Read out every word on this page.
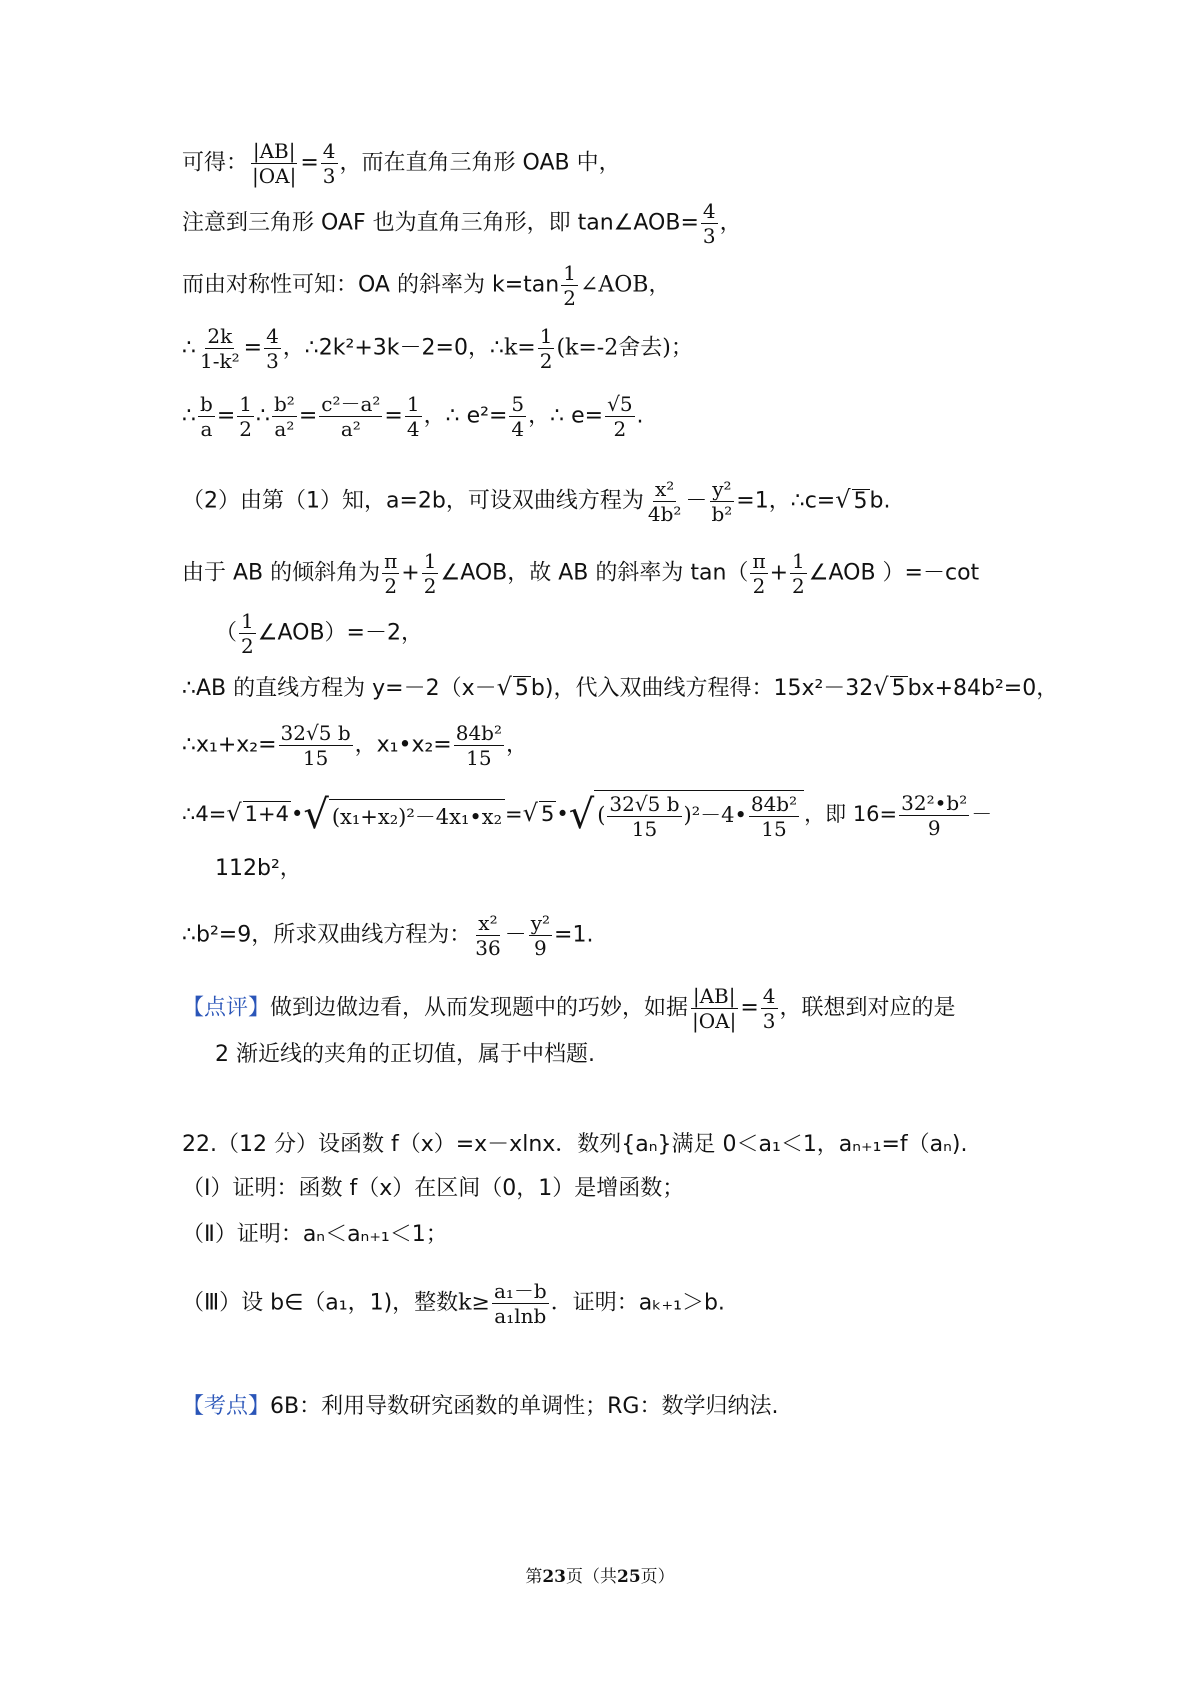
可得： $\frac{|AB|}{|OA|} = \frac{4}{3}$ ，而在直角三角形 OAB 中，
注意到三角形 OAF 也为直角三角形，即 tan∠AOB= $\frac{4}{3}$ ，
而由对称性可知：OA 的斜率为 $k=\tan \frac{1}{2}$ ∠AOB，
∴ $\frac{2k}{\text{1-k²}} = \frac{4}{3}$ ，∴2k²+3k－2=0，∴k= $\frac{1}{2} (k=-2$舍去)；
∴ $\frac{b}{a} = \frac{1}{2}$ ∴ $\frac{\text{b²}}{\text{a²}} = \frac{\text{c²－a²}}{\text{a²}} = \frac{1}{4}$ ，∴ $e^2= \frac{5}{4}$ ，∴ $e= \frac{√5}{2}$ .
（2）由第（1）知，a=2b，可设双曲线方程为 $\frac{\text{x²}}{\text{4b²}} - \frac{\text{y²}}{\text{b²}} =1$，∴c=√ 5b.
由于 AB 的倾斜角为 $\frac{\pi}{2} + \frac{1}{2}$ ∠AOB，故 AB 的斜率为 $\tan( \frac{\pi}{2} + \frac{1}{2}$ ∠AOB ）=－cot
（ $\frac{1}{2}$ ∠AOB）=－2，
∴AB 的直线方程为 y=－2（x－√ 5b)，代入双曲线方程得：15x²－32√ 5bx+84b²=0，
∴x₁+x₂= $\frac{32√5 b}{15}$ ，x₁•x₂= $\frac{\text{84b²}}{15}$ ，
∴4=√ 1+4•√ (x₁+x₂)²－4x₁•x₂ =√ 5•√ ( $\frac{32√5 b}{15}$ )²－4• $\frac{\text{84b²}}{15}$ ，即 $16= \frac{\text{32²•b²}}{9}$ －
112b²，
∴b²=9，所求双曲线方程为： $\frac{\text{x²}}{36} - \frac{\text{y²}}{9} =1$.
【点评】做到边做边看，从而发现题中的巧妙，如据 $\frac{|AB|}{|OA|} = \frac{4}{3}$ ，联想到对应的是
2 渐近线的夹角的正切值，属于中档题.
22.（12 分）设函数 f（x）=x－xlnx．数列{aₙ}满足 0＜a₁＜1，aₙ₊₁=f（aₙ).
（Ⅰ）证明：函数 f（x）在区间（0，1）是增函数；
（Ⅱ）证明：aₙ＜aₙ₊₁＜1；
（Ⅲ）设 b∈（a₁，1)，整数$k\ge \frac{\text{a₁－b}}{\text{a₁lnb}}$ ．证明：aₖ₊₁＞b.
【考点】6B：利用导数研究函数的单调性；RG：数学归纳法.
第23页（共25页）
